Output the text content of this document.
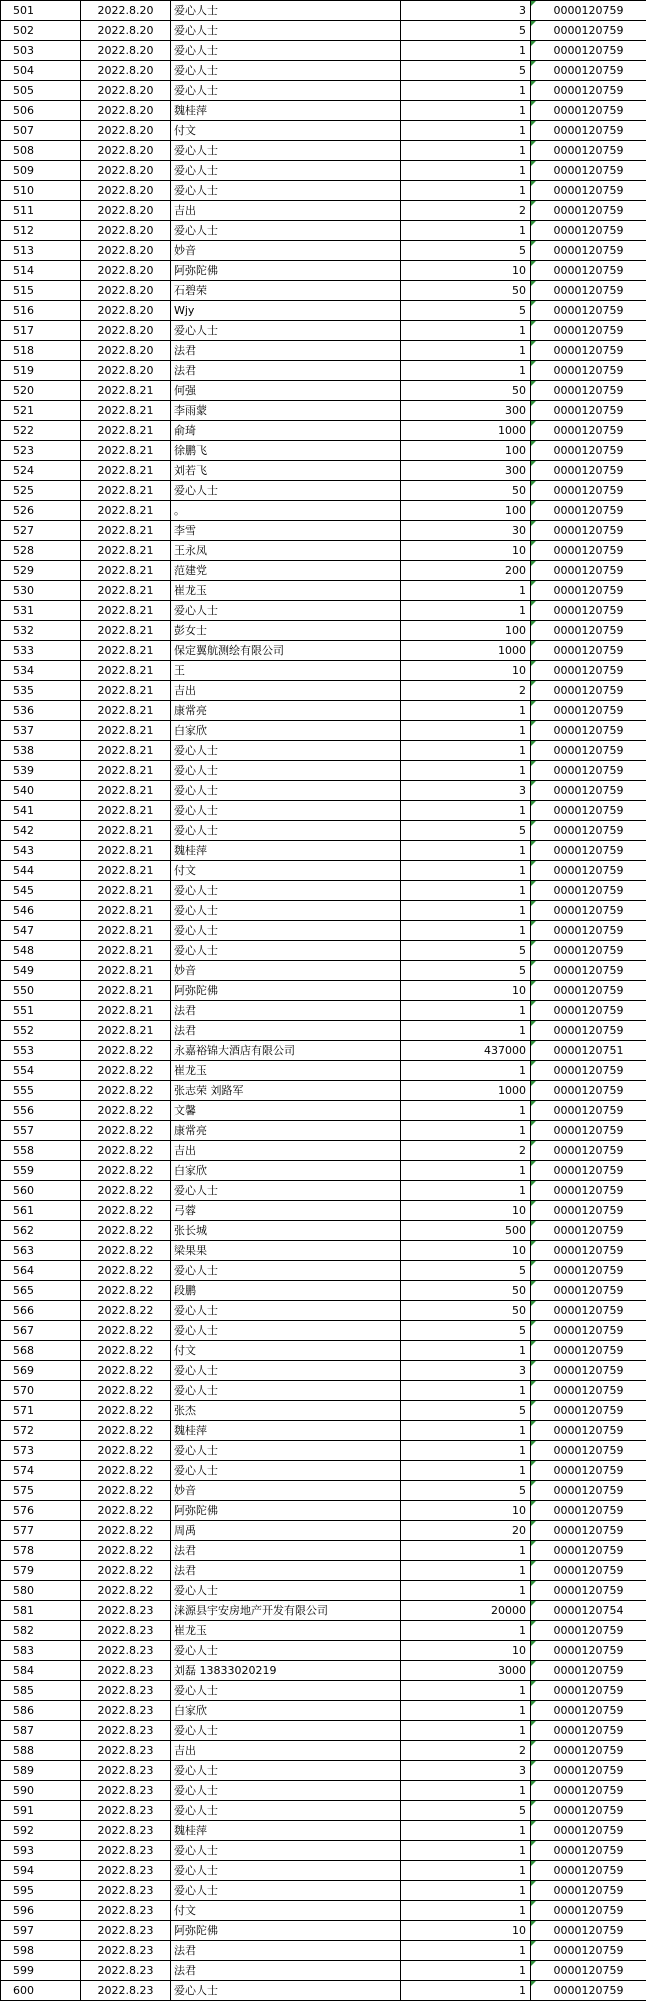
501	2022.8.20	爱心人士	3	0000120759
502	2022.8.20	爱心人士	5	0000120759
503	2022.8.20	爱心人士	1	0000120759
504	2022.8.20	爱心人士	5	0000120759
505	2022.8.20	爱心人士	1	0000120759
506	2022.8.20	魏桂萍	1	0000120759
507	2022.8.20	付文	1	0000120759
508	2022.8.20	爱心人士	1	0000120759
509	2022.8.20	爱心人士	1	0000120759
510	2022.8.20	爱心人士	1	0000120759
511	2022.8.20	吉出	2	0000120759
512	2022.8.20	爱心人士	1	0000120759
513	2022.8.20	妙音	5	0000120759
514	2022.8.20	阿弥陀佛	10	0000120759
515	2022.8.20	石碧荣	50	0000120759
516	2022.8.20	Wjy	5	0000120759
517	2022.8.20	爱心人士	1	0000120759
518	2022.8.20	法君	1	0000120759
519	2022.8.20	法君	1	0000120759
520	2022.8.21	何强	50	0000120759
521	2022.8.21	李雨蒙	300	0000120759
522	2022.8.21	俞琦	1000	0000120759
523	2022.8.21	徐鹏飞	100	0000120759
524	2022.8.21	刘若飞	300	0000120759
525	2022.8.21	爱心人士	50	0000120759
526	2022.8.21	。	100	0000120759
527	2022.8.21	李雪	30	0000120759
528	2022.8.21	王永凤	10	0000120759
529	2022.8.21	范建党	200	0000120759
530	2022.8.21	崔龙玉	1	0000120759
531	2022.8.21	爱心人士	1	0000120759
532	2022.8.21	彭女士	100	0000120759
533	2022.8.21	保定翼航测绘有限公司	1000	0000120759
534	2022.8.21	王	10	0000120759
535	2022.8.21	吉出	2	0000120759
536	2022.8.21	康常亮	1	0000120759
537	2022.8.21	白家欣	1	0000120759
538	2022.8.21	爱心人士	1	0000120759
539	2022.8.21	爱心人士	1	0000120759
540	2022.8.21	爱心人士	3	0000120759
541	2022.8.21	爱心人士	1	0000120759
542	2022.8.21	爱心人士	5	0000120759
543	2022.8.21	魏桂萍	1	0000120759
544	2022.8.21	付文	1	0000120759
545	2022.8.21	爱心人士	1	0000120759
546	2022.8.21	爱心人士	1	0000120759
547	2022.8.21	爱心人士	1	0000120759
548	2022.8.21	爱心人士	5	0000120759
549	2022.8.21	妙音	5	0000120759
550	2022.8.21	阿弥陀佛	10	0000120759
551	2022.8.21	法君	1	0000120759
552	2022.8.21	法君	1	0000120759
553	2022.8.22	永嘉裕锦大酒店有限公司	437000	0000120751
554	2022.8.22	崔龙玉	1	0000120759
555	2022.8.22	张志荣 刘路军	1000	0000120759
556	2022.8.22	文馨	1	0000120759
557	2022.8.22	康常亮	1	0000120759
558	2022.8.22	吉出	2	0000120759
559	2022.8.22	白家欣	1	0000120759
560	2022.8.22	爱心人士	1	0000120759
561	2022.8.22	弓蓉	10	0000120759
562	2022.8.22	张长城	500	0000120759
563	2022.8.22	梁果果	10	0000120759
564	2022.8.22	爱心人士	5	0000120759
565	2022.8.22	段鹏	50	0000120759
566	2022.8.22	爱心人士	50	0000120759
567	2022.8.22	爱心人士	5	0000120759
568	2022.8.22	付文	1	0000120759
569	2022.8.22	爱心人士	3	0000120759
570	2022.8.22	爱心人士	1	0000120759
571	2022.8.22	张杰	5	0000120759
572	2022.8.22	魏桂萍	1	0000120759
573	2022.8.22	爱心人士	1	0000120759
574	2022.8.22	爱心人士	1	0000120759
575	2022.8.22	妙音	5	0000120759
576	2022.8.22	阿弥陀佛	10	0000120759
577	2022.8.22	周禹	20	0000120759
578	2022.8.22	法君	1	0000120759
579	2022.8.22	法君	1	0000120759
580	2022.8.22	爱心人士	1	0000120759
581	2022.8.23	涞源县宇安房地产开发有限公司	20000	0000120754
582	2022.8.23	崔龙玉	1	0000120759
583	2022.8.23	爱心人士	10	0000120759
584	2022.8.23	刘磊 13833020219	3000	0000120759
585	2022.8.23	爱心人士	1	0000120759
586	2022.8.23	白家欣	1	0000120759
587	2022.8.23	爱心人士	1	0000120759
588	2022.8.23	吉出	2	0000120759
589	2022.8.23	爱心人士	3	0000120759
590	2022.8.23	爱心人士	1	0000120759
591	2022.8.23	爱心人士	5	0000120759
592	2022.8.23	魏桂萍	1	0000120759
593	2022.8.23	爱心人士	1	0000120759
594	2022.8.23	爱心人士	1	0000120759
595	2022.8.23	爱心人士	1	0000120759
596	2022.8.23	付文	1	0000120759
597	2022.8.23	阿弥陀佛	10	0000120759
598	2022.8.23	法君	1	0000120759
599	2022.8.23	法君	1	0000120759
600	2022.8.23	爱心人士	1	0000120759
